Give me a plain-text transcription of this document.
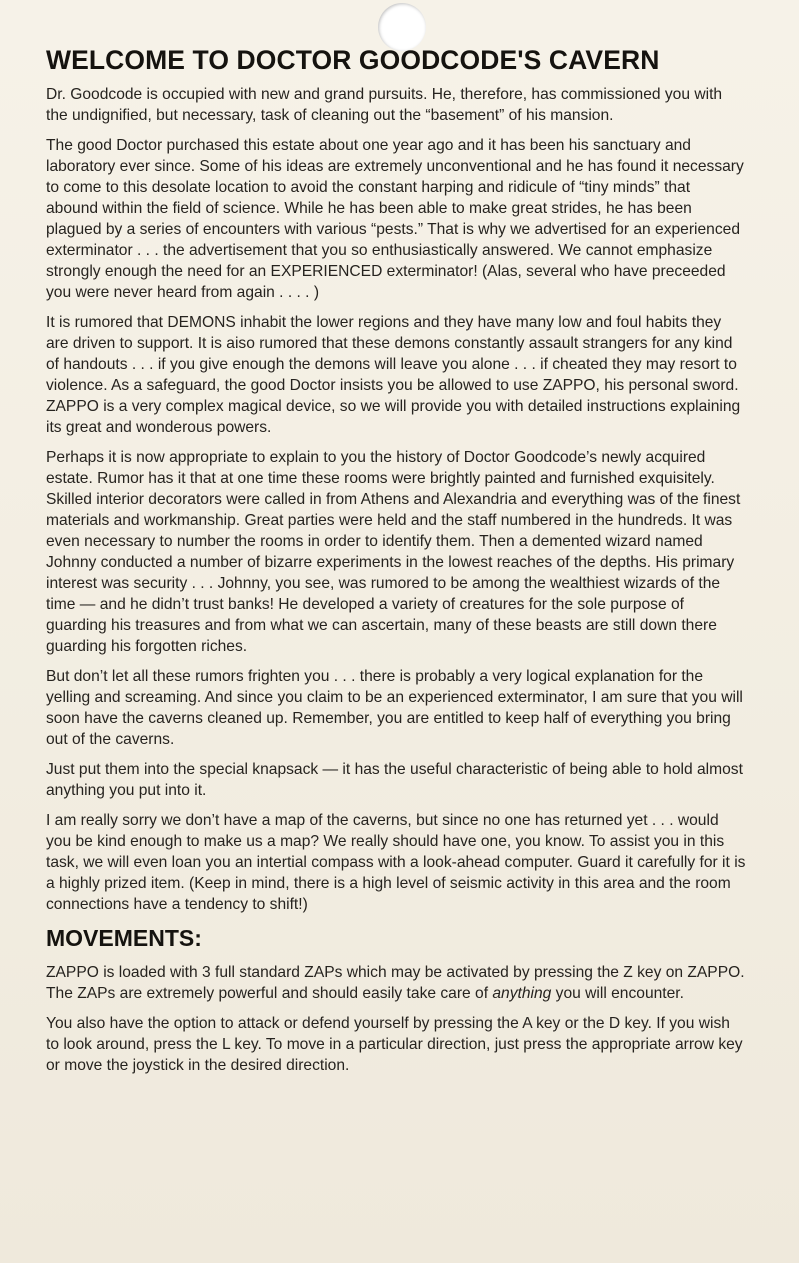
WELCOME TO DOCTOR GOODCODE'S CAVERN

Dr. Goodcode is occupied with new and grand pursuits. He, therefore, has commissioned you with the undignified, but necessary, task of cleaning out the “basement” of his mansion.

The good Doctor purchased this estate about one year ago and it has been his sanctuary and laboratory ever since. Some of his ideas are extremely unconventional and he has found it necessary to come to this desolate location to avoid the constant harping and ridicule of “tiny minds” that abound within the field of science. While he has been able to make great strides, he has been plagued by a series of encounters with various “pests.” That is why we advertised for an experienced exterminator . . . the advertisement that you so enthusiastically answered. We cannot emphasize strongly enough the need for an EXPERIENCED exterminator! (Alas, several who have preceeded you were never heard from again . . . . )

It is rumored that DEMONS inhabit the lower regions and they have many low and foul habits they are driven to support. It is aiso rumored that these demons constantly assault strangers for any kind of handouts . . . if you give enough the demons will leave you alone . . . if cheated they may resort to violence. As a safeguard, the good Doctor insists you be allowed to use ZAPPO, his personal sword. ZAPPO is a very complex magical device, so we will provide you with detailed instructions explaining its great and wonderous powers.

Perhaps it is now appropriate to explain to you the history of Doctor Goodcode’s newly acquired estate. Rumor has it that at one time these rooms were brightly painted and furnished exquisitely. Skilled interior decorators were called in from Athens and Alexandria and everything was of the finest materials and workmanship. Great parties were held and the staff numbered in the hundreds. It was even necessary to number the rooms in order to identify them. Then a demented wizard named Johnny conducted a number of bizarre experiments in the lowest reaches of the depths. His primary interest was security . . . Johnny, you see, was rumored to be among the wealthiest wizards of the time — and he didn’t trust banks! He developed a variety of creatures for the sole purpose of guarding his treasures and from what we can ascertain, many of these beasts are still down there guarding his forgotten riches.

But don’t let all these rumors frighten you . . . there is probably a very logical explanation for the yelling and screaming. And since you claim to be an experienced exterminator, I am sure that you will soon have the caverns cleaned up. Remember, you are entitled to keep half of everything you bring out of the caverns.

Just put them into the special knapsack — it has the useful characteristic of being able to hold almost anything you put into it.

I am really sorry we don’t have a map of the caverns, but since no one has returned yet . . . would you be kind enough to make us a map? We really should have one, you know. To assist you in this task, we will even loan you an intertial compass with a look-ahead computer. Guard it carefully for it is a highly prized item. (Keep in mind, there is a high level of seismic activity in this area and the room connections have a tendency to shift!)

MOVEMENTS:

ZAPPO is loaded with 3 full standard ZAPs which may be activated by pressing the Z key on ZAPPO. The ZAPs are extremely powerful and should easily take care of anything you will encounter.

You also have the option to attack or defend yourself by pressing the A key or the D key. If you wish to look around, press the L key. To move in a particular direction, just press the appropriate arrow key or move the joystick in the desired direction.
